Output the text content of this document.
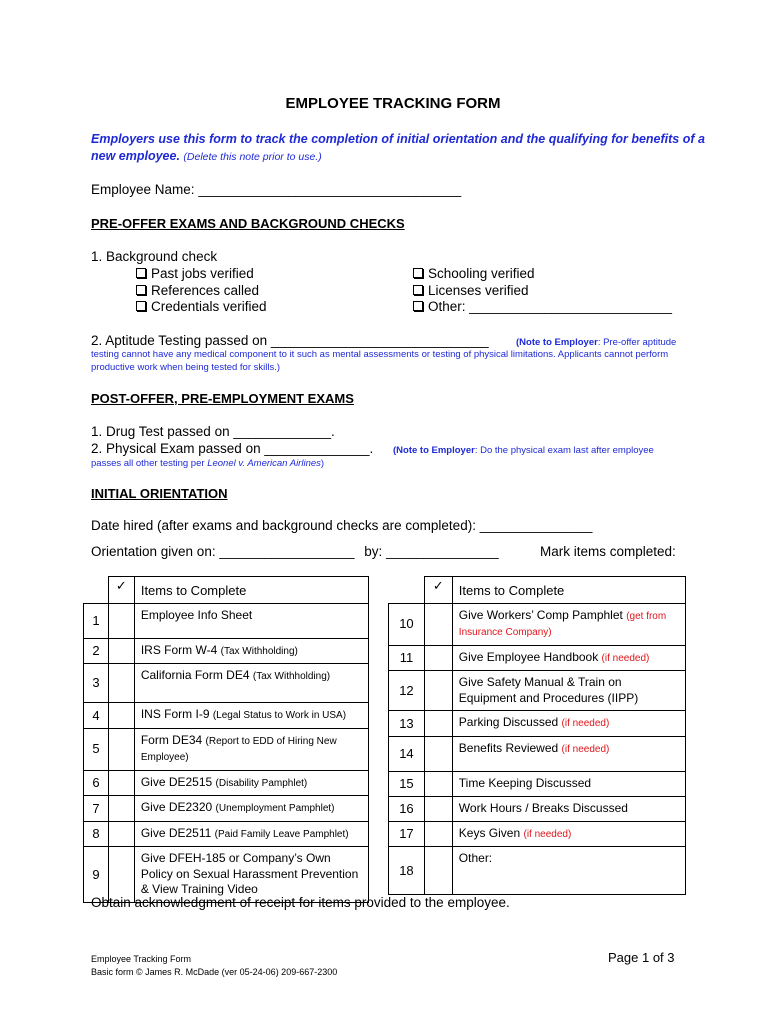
EMPLOYEE TRACKING FORM
Employers use this form to track the completion of initial orientation and the qualifying for benefits of a new employee. (Delete this note prior to use.)
Employee Name: ___________________________________
PRE-OFFER EXAMS AND BACKGROUND CHECKS
1. Background check
Past jobs verified
References called
Credentials verified
Schooling verified
Licenses verified
Other: ___________________________
2. Aptitude Testing passed on _____________________________	(Note to Employer: Pre-offer aptitude
testing cannot have any medical component to it such as mental assessments or testing of physical limitations. Applicants cannot perform
productive work when being tested for skills.)
POST-OFFER, PRE-EMPLOYMENT EXAMS
1. Drug Test passed on _____________.
2. Physical Exam passed on ______________. (Note to Employer: Do the physical exam last after employee
passes all other testing per Leonel v. American Airlines)
INITIAL ORIENTATION
Date hired (after exams and background checks are completed): _______________
Orientation given on: __________________ by: _______________	Mark items completed:

	✓	Items to Complete
1		Employee Info Sheet
2		IRS Form W-4 (Tax Withholding)
3		California Form DE4 (Tax Withholding)
4		INS Form I-9 (Legal Status to Work in USA)
5		Form DE34 (Report to EDD of Hiring New Employee)
6		Give DE2515 (Disability Pamphlet)
7		Give DE2320 (Unemployment Pamphlet)
8		Give DE2511 (Paid Family Leave Pamphlet)
9		Give DFEH-185 or Company’s Own Policy on Sexual Harassment Prevention & View Training Video

	✓	Items to Complete
10		Give Workers’ Comp Pamphlet (get from Insurance Company)
11		Give Employee Handbook (if needed)
12		Give Safety Manual & Train on Equipment and Procedures (IIPP)
13		Parking Discussed (if needed)
14		Benefits Reviewed (if needed)
15		Time Keeping Discussed
16		Work Hours / Breaks Discussed
17		Keys Given (if needed)
18		Other:
Obtain acknowledgment of receipt for items provided to the employee.
Employee Tracking Form
Basic form © James R. McDade (ver 05-24-06) 209-667-2300
Page 1 of 3
